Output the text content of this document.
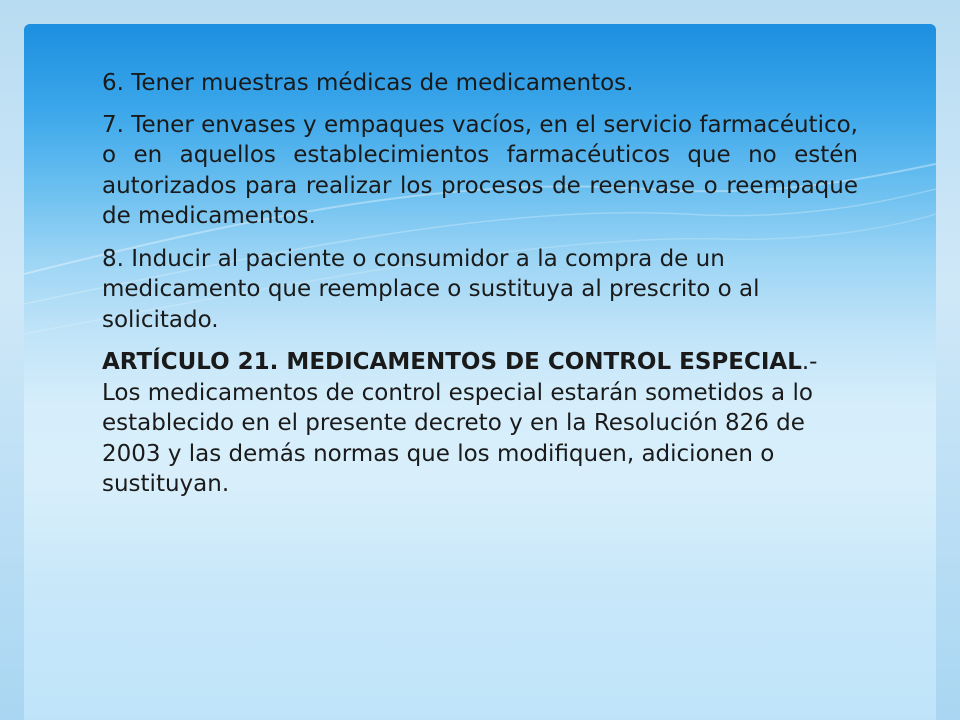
6. Tener muestras médicas de medicamentos.

7. Tener envases y empaques vacíos, en el servicio farmacéutico, o en aquellos establecimientos farmacéuticos que no estén autorizados para realizar los procesos de reenvase o reempaque de medicamentos.

8. Inducir al paciente o consumidor a la compra de un medicamento que reemplace o sustituya al prescrito o al solicitado.

ARTÍCULO 21. MEDICAMENTOS DE CONTROL ESPECIAL.- Los medicamentos de control especial estarán sometidos a lo establecido en el presente decreto y en la Resolución 826 de 2003 y las demás normas que los modifiquen, adicionen o sustituyan.
